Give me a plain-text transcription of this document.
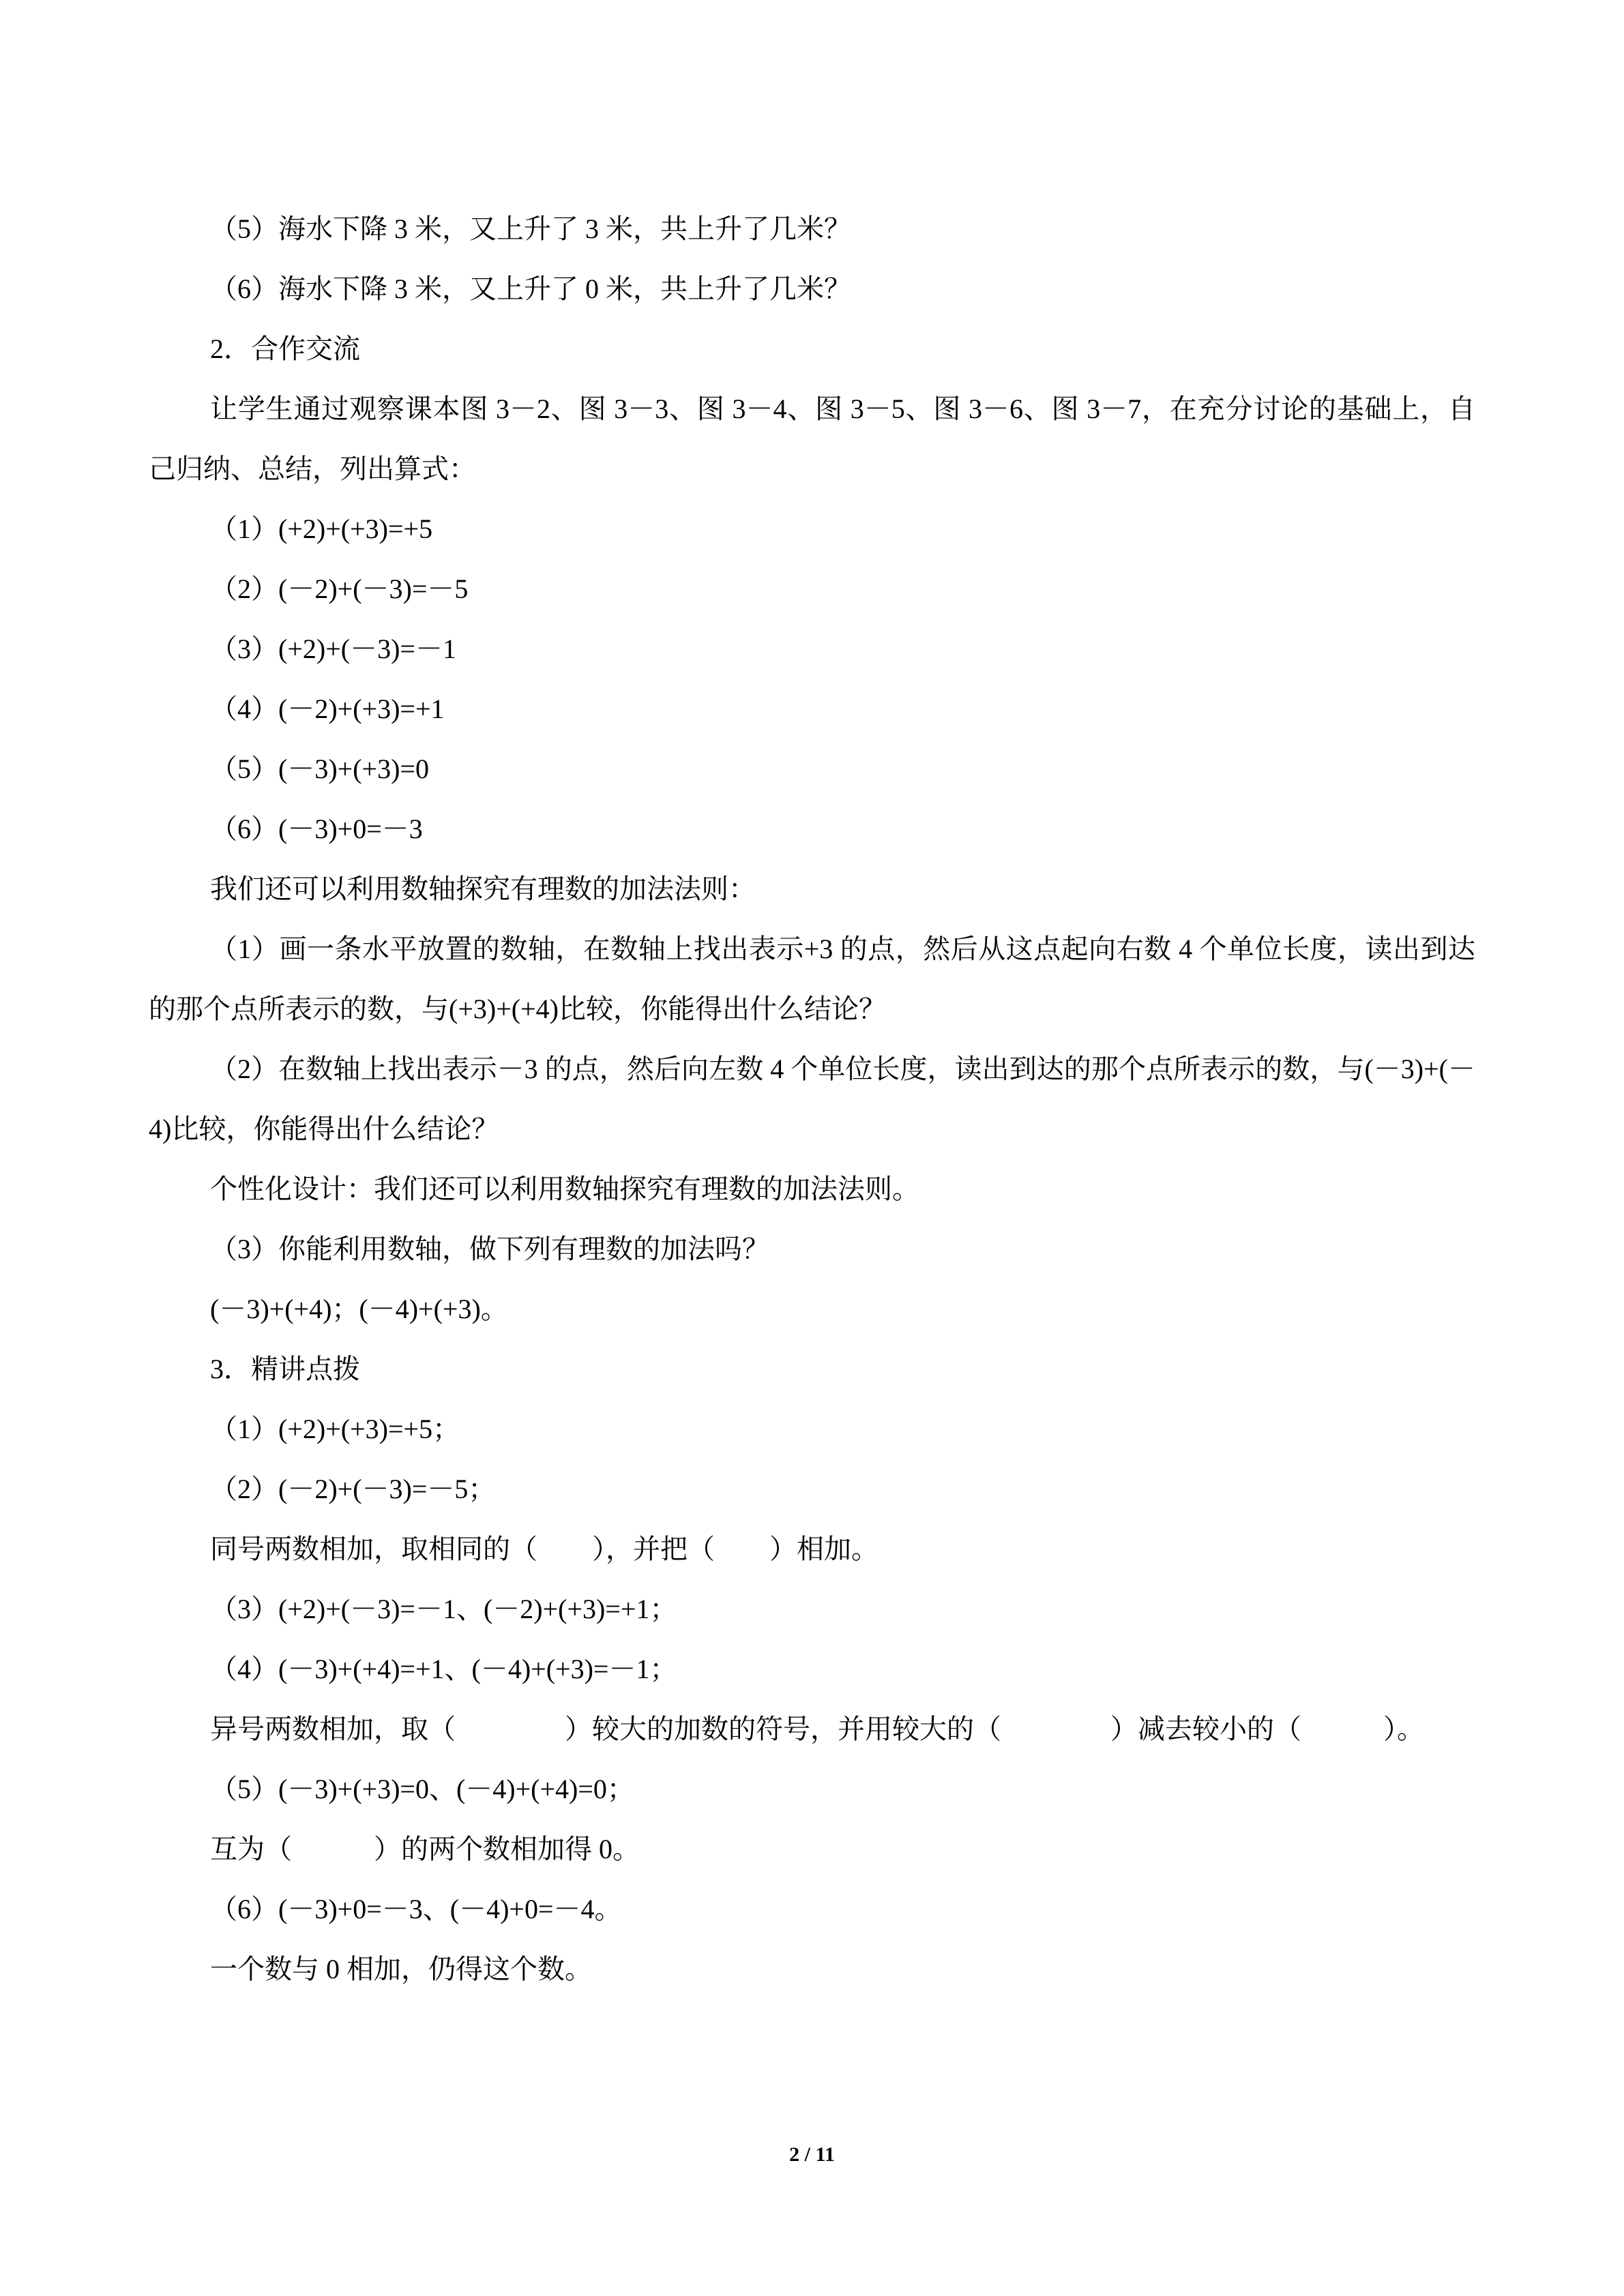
（5）海水下降 3 米，又上升了 3 米，共上升了几米？
（6）海水下降 3 米，又上升了 0 米，共上升了几米？
2．合作交流
让学生通过观察课本图 3－2、图 3－3、图 3－4、图 3－5、图 3－6、图 3－7，在充分讨论的基础上，自己归纳、总结，列出算式：
（1）(+2)+(+3)=+5
（2）(－2)+(－3)=－5
（3）(+2)+(－3)=－1
（4）(－2)+(+3)=+1
（5）(－3)+(+3)=0
（6）(－3)+0=－3
我们还可以利用数轴探究有理数的加法法则：
（1）画一条水平放置的数轴，在数轴上找出表示+3 的点，然后从这点起向右数 4 个单位长度，读出到达的那个点所表示的数，与(+3)+(+4)比较，你能得出什么结论？
（2）在数轴上找出表示－3 的点，然后向左数 4 个单位长度，读出到达的那个点所表示的数，与(－3)+(－4)比较，你能得出什么结论？
个性化设计：我们还可以利用数轴探究有理数的加法法则。
（3）你能利用数轴，做下列有理数的加法吗？
(－3)+(+4)；(－4)+(+3)。
3．精讲点拨
（1）(+2)+(+3)=+5；
（2）(－2)+(－3)=－5；
同号两数相加，取相同的（　　），并把（　　）相加。
（3）(+2)+(－3)=－1、(－2)+(+3)=+1；
（4）(－3)+(+4)=+1、(－4)+(+3)=－1；
异号两数相加，取（　　　　）较大的加数的符号，并用较大的（　　　　）减去较小的（　　　）。
（5）(－3)+(+3)=0、(－4)+(+4)=0；
互为（　　　）的两个数相加得 0。
（6）(－3)+0=－3、(－4)+0=－4。
一个数与 0 相加，仍得这个数。
2 / 11
